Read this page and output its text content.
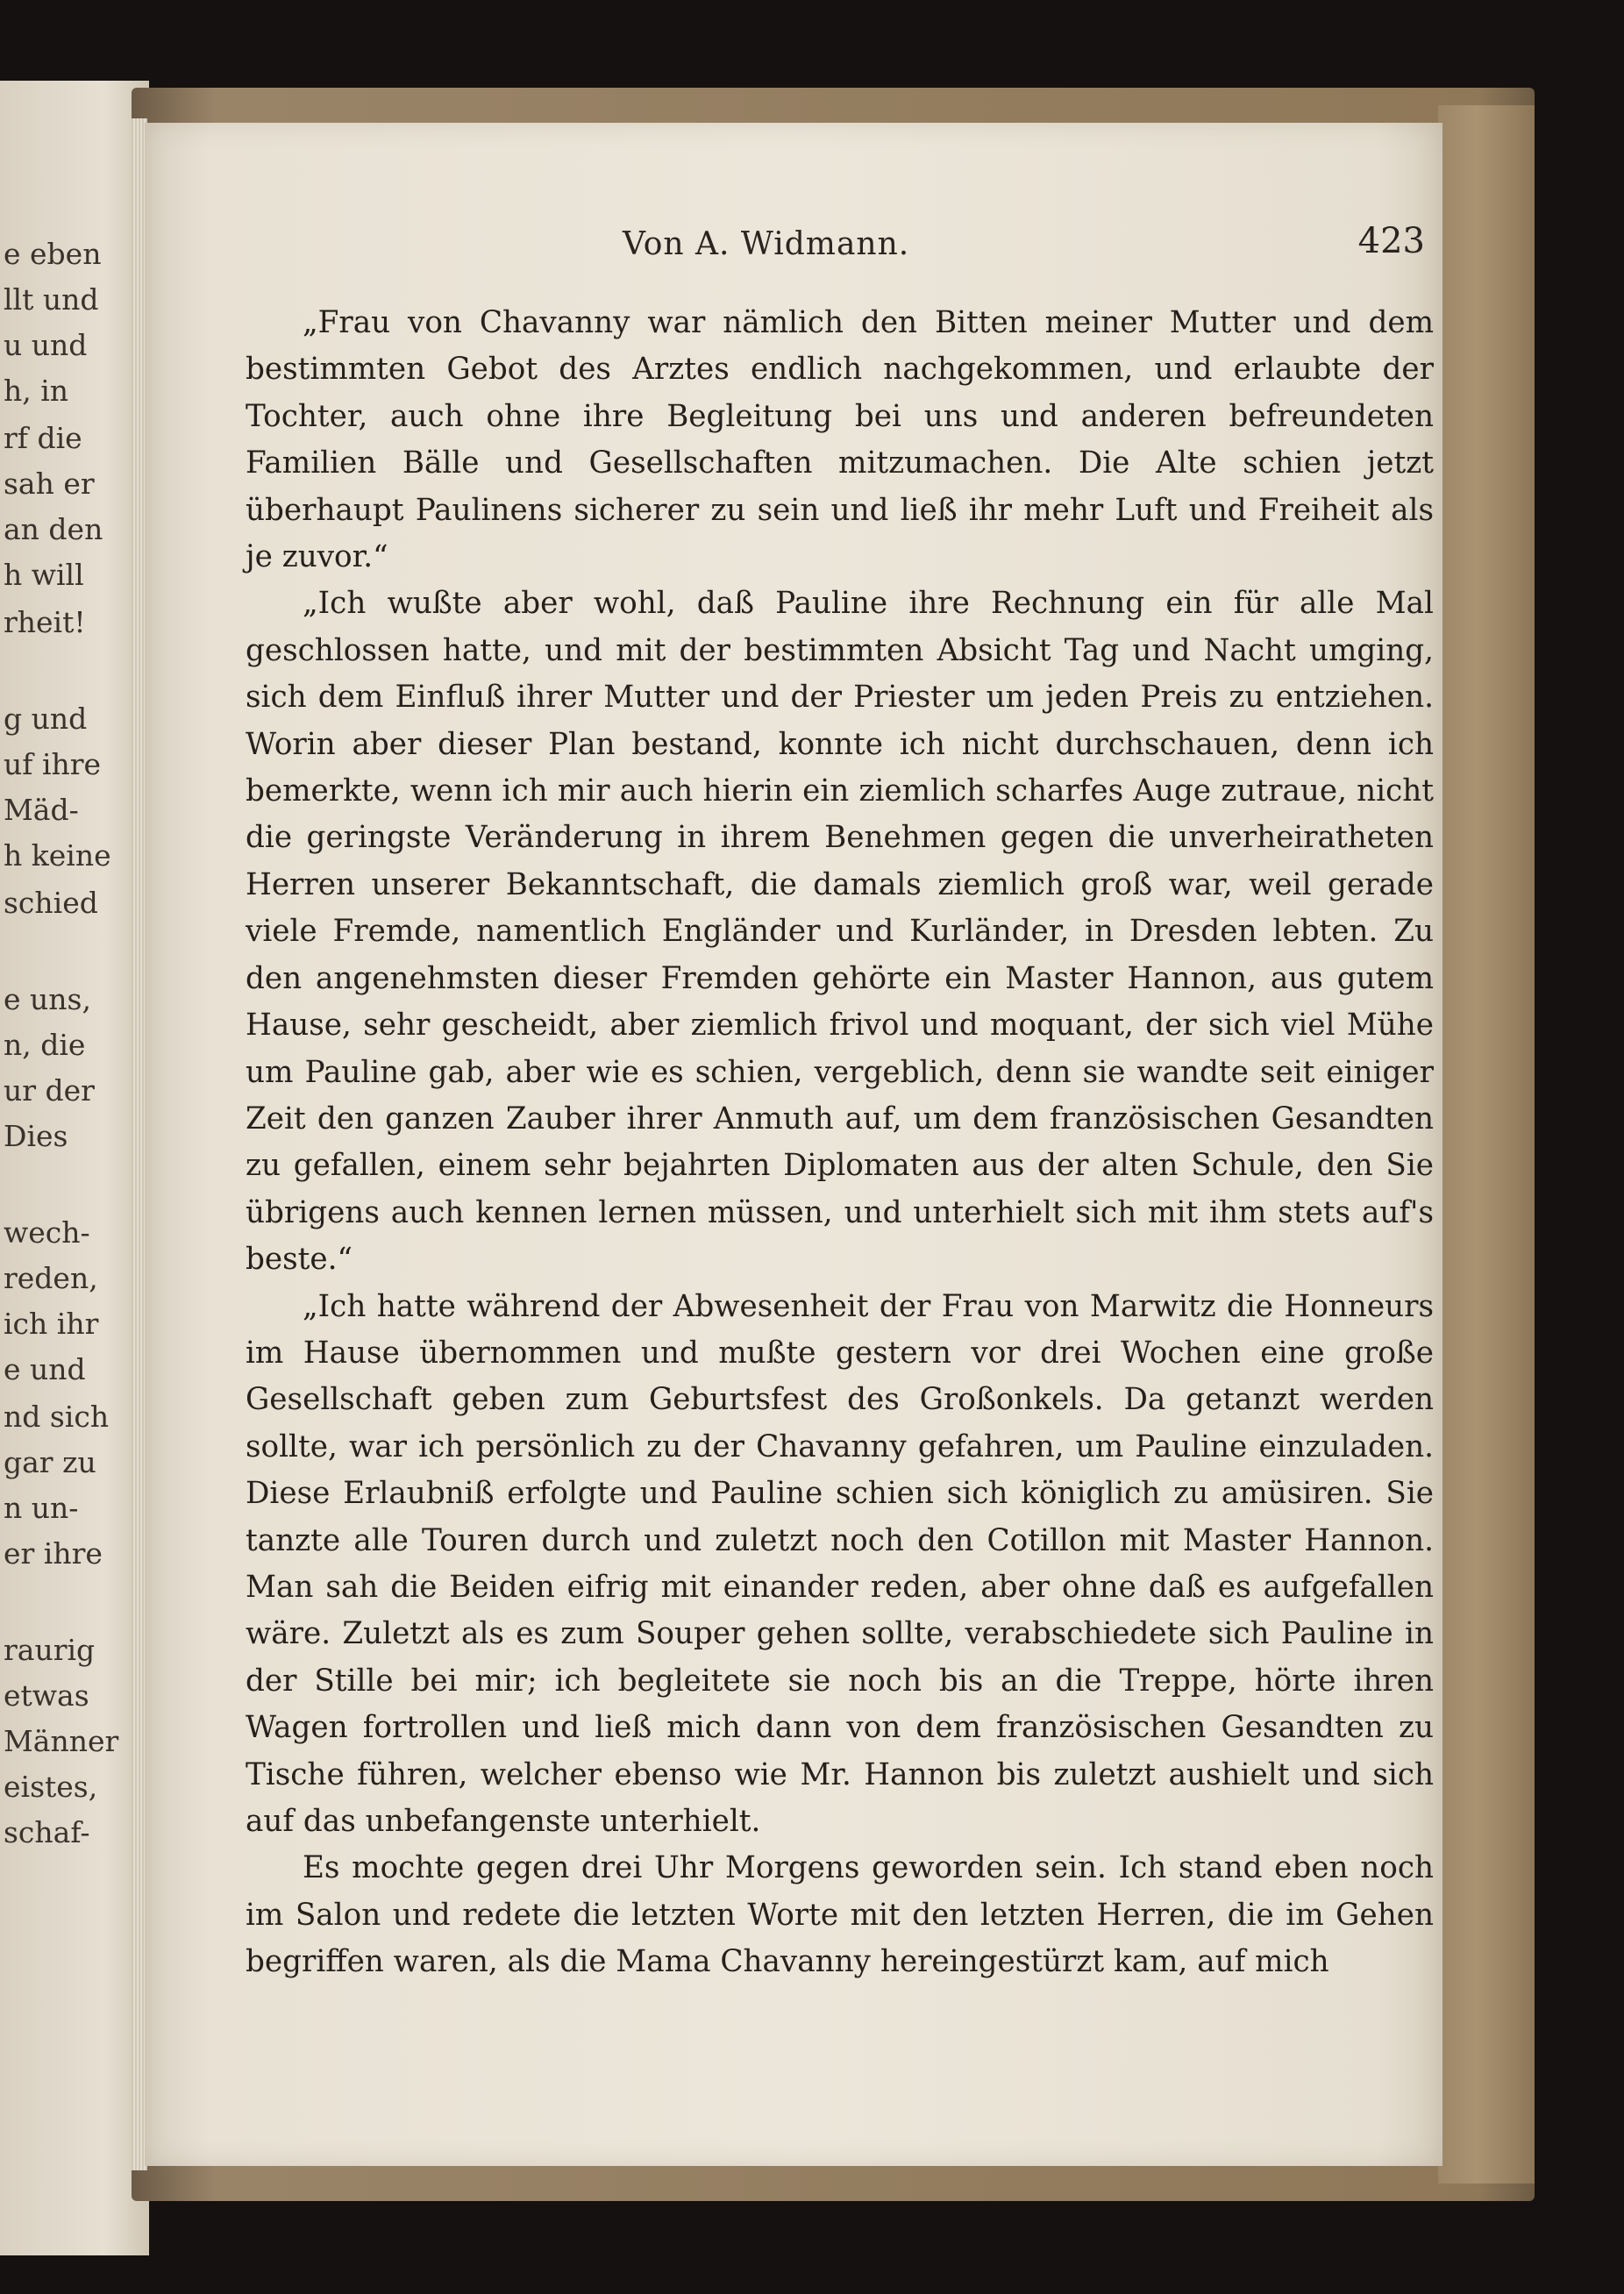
e eben
llt und
u und
h, in
rf die
sah er
an den
h will
rheit!
g und
uf ihre
Mäd-
h keine
schied
e uns,
n, die
ur der
Dies
wech-
reden,
ich ihr
e und
nd sich
gar zu
n un-
er ihre
raurig
etwas
Männer
eistes,
schaf-
Von A. Widmann.	423

„Frau von Chavanny war nämlich den Bitten meiner Mutter und dem bestimmten Gebot des Arztes endlich nachgekommen, und erlaubte der Tochter, auch ohne ihre Begleitung bei uns und anderen befreundeten Familien Bälle und Gesellschaften mitzumachen. Die Alte schien jetzt überhaupt Paulinens sicherer zu sein und ließ ihr mehr Luft und Freiheit als je zuvor.“

„Ich wußte aber wohl, daß Pauline ihre Rechnung ein für alle Mal geschlossen hatte, und mit der bestimmten Absicht Tag und Nacht umging, sich dem Einfluß ihrer Mutter und der Priester um jeden Preis zu entziehen. Worin aber dieser Plan bestand, konnte ich nicht durchschauen, denn ich bemerkte, wenn ich mir auch hierin ein ziemlich scharfes Auge zutraue, nicht die geringste Veränderung in ihrem Benehmen gegen die unverheiratheten Herren unserer Bekanntschaft, die damals ziemlich groß war, weil gerade viele Fremde, namentlich Engländer und Kurländer, in Dresden lebten. Zu den angenehmsten dieser Fremden gehörte ein Master Hannon, aus gutem Hause, sehr gescheidt, aber ziemlich frivol und moquant, der sich viel Mühe um Pauline gab, aber wie es schien, vergeblich, denn sie wandte seit einiger Zeit den ganzen Zauber ihrer Anmuth auf, um dem französischen Gesandten zu gefallen, einem sehr bejahrten Diplomaten aus der alten Schule, den Sie übrigens auch kennen lernen müssen, und unterhielt sich mit ihm stets auf's beste.“

„Ich hatte während der Abwesenheit der Frau von Marwitz die Honneurs im Hause übernommen und mußte gestern vor drei Wochen eine große Gesellschaft geben zum Geburtsfest des Großonkels. Da getanzt werden sollte, war ich persönlich zu der Chavanny gefahren, um Pauline einzuladen. Diese Erlaubniß erfolgte und Pauline schien sich königlich zu amüsiren. Sie tanzte alle Touren durch und zuletzt noch den Cotillon mit Master Hannon. Man sah die Beiden eifrig mit einander reden, aber ohne daß es aufgefallen wäre. Zuletzt als es zum Souper gehen sollte, verabschiedete sich Pauline in der Stille bei mir; ich begleitete sie noch bis an die Treppe, hörte ihren Wagen fortrollen und ließ mich dann von dem französischen Gesandten zu Tische führen, welcher ebenso wie Mr. Hannon bis zuletzt aushielt und sich auf das unbefangenste unterhielt.

Es mochte gegen drei Uhr Morgens geworden sein. Ich stand eben noch im Salon und redete die letzten Worte mit den letzten Herren, die im Gehen begriffen waren, als die Mama Chavanny hereingestürzt kam, auf mich
